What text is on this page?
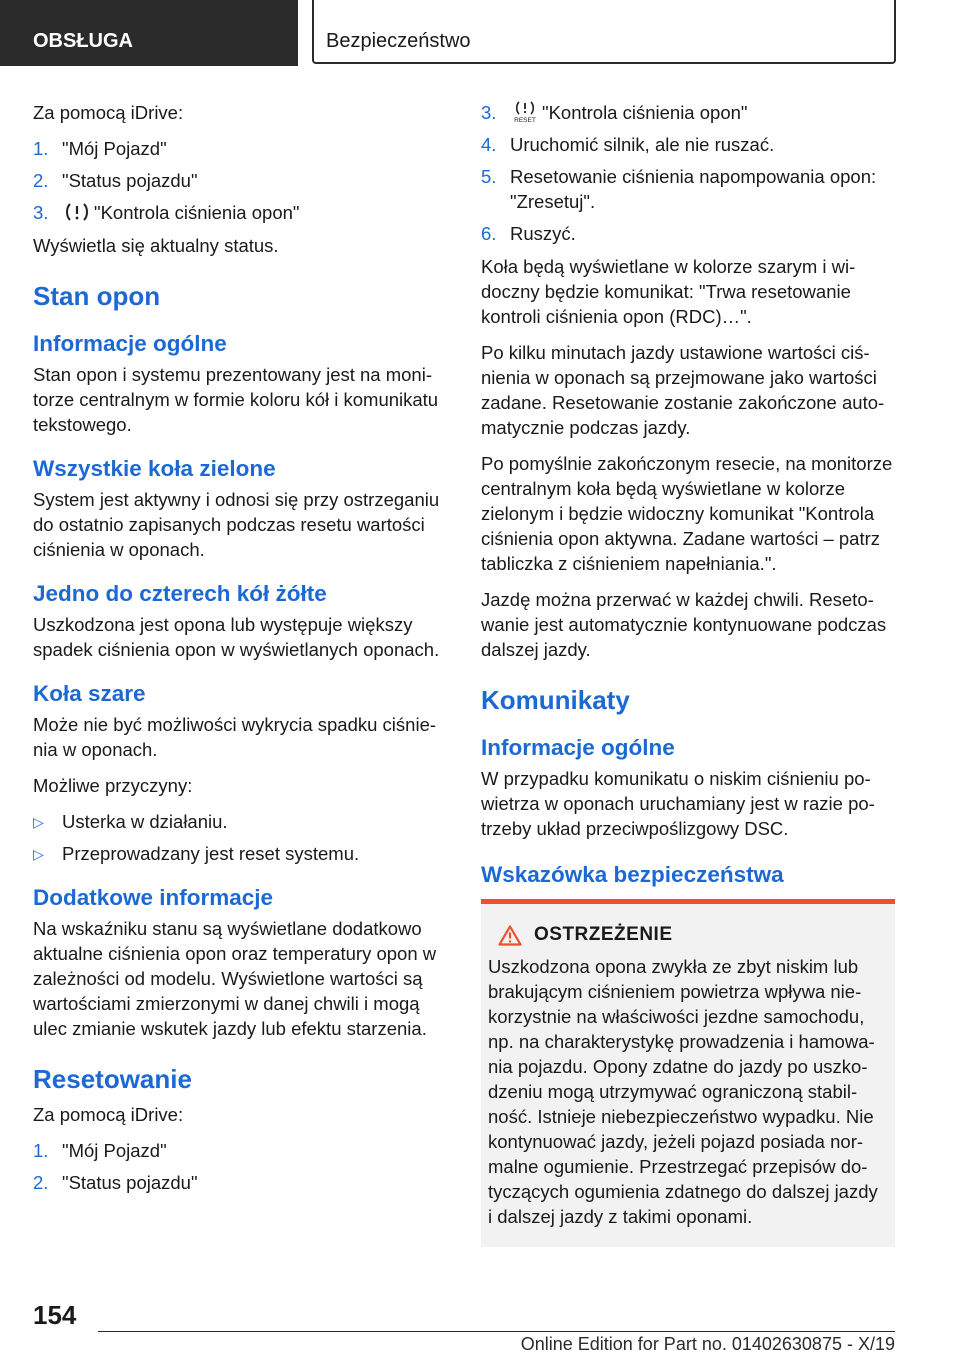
OBSŁUGA	Bezpieczeństwo

Za pomocą iDrive:

1. "Mój Pojazd"
2. "Status pojazdu"
3. "Kontrola ciśnienia opon"

Wyświetla się aktualny status.

Stan opon
Informacje ogólne

Stan opon i systemu prezentowany jest na monitorze centralnym w formie koloru kół i komunikatu tekstowego.

Wszystkie koła zielone

System jest aktywny i odnosi się przy ostrzeganiu do ostatnio zapisanych podczas resetu wartości ciśnienia w oponach.

Jedno do czterech kół żółte

Uszkodzona jest opona lub występuje większy spadek ciśnienia opon w wyświetlanych oponach.

Koła szare

Może nie być możliwości wykrycia spadku ciśnienia w oponach.

Możliwe przyczyny:

▷ Usterka w działaniu.
▷ Przeprowadzany jest reset systemu.
Dodatkowe informacje

Na wskaźniku stanu są wyświetlane dodatkowo aktualne ciśnienia opon oraz temperatury opon w zależności od modelu. Wyświetlone wartości są wartościami zmierzonymi w danej chwili i mogą ulec zmianie wskutek jazdy lub efektu starzenia.

Resetowanie

Za pomocą iDrive:

1. "Mój Pojazd"
2. "Status pojazdu"
3.	RESET "Kontrola ciśnienia opon"
4. Uruchomić silnik, ale nie ruszać.
5. Resetowanie ciśnienia napompowania opon: "Zresetuj".
6. Ruszyć.

Koła będą wyświetlane w kolorze szarym i widoczny będzie komunikat: "Trwa resetowanie kontroli ciśnienia opon (RDC)…".

Po kilku minutach jazdy ustawione wartości ciśnienia w oponach są przejmowane jako wartości zadane. Resetowanie zostanie zakończone automatycznie podczas jazdy.

Po pomyślnie zakończonym resecie, na monitorze centralnym koła będą wyświetlane w kolorze zielonym i będzie widoczny komunikat "Kontrola ciśnienia opon aktywna. Zadane wartości – patrz tabliczka z ciśnieniem napełniania.".

Jazdę można przerwać w każdej chwili. Resetowanie jest automatycznie kontynuowane podczas dalszej jazdy.

Komunikaty
Informacje ogólne

W przypadku komunikatu o niskim ciśnieniu powietrza w oponach uruchamiany jest w razie potrzeby układ przeciwpoślizgowy DSC.

Wskazówka bezpieczeństwa
OSTRZEŻENIE

Uszkodzona opona zwykła ze zbyt niskim lub brakującym ciśnieniem powietrza wpływa niekorzystnie na właściwości jezdne samochodu, np. na charakterystykę prowadzenia i hamowania pojazdu. Opony zdatne do jazdy po uszkodzeniu mogą utrzymywać ograniczoną stabilność. Istnieje niebezpieczeństwo wypadku. Nie kontynuować jazdy, jeżeli pojazd posiada normalne ogumienie. Przestrzegać przepisów dotyczących ogumienia zdatnego do dalszej jazdy i dalszej jazdy z takimi oponami.

154
Online Edition for Part no. 01402630875 - X/19
